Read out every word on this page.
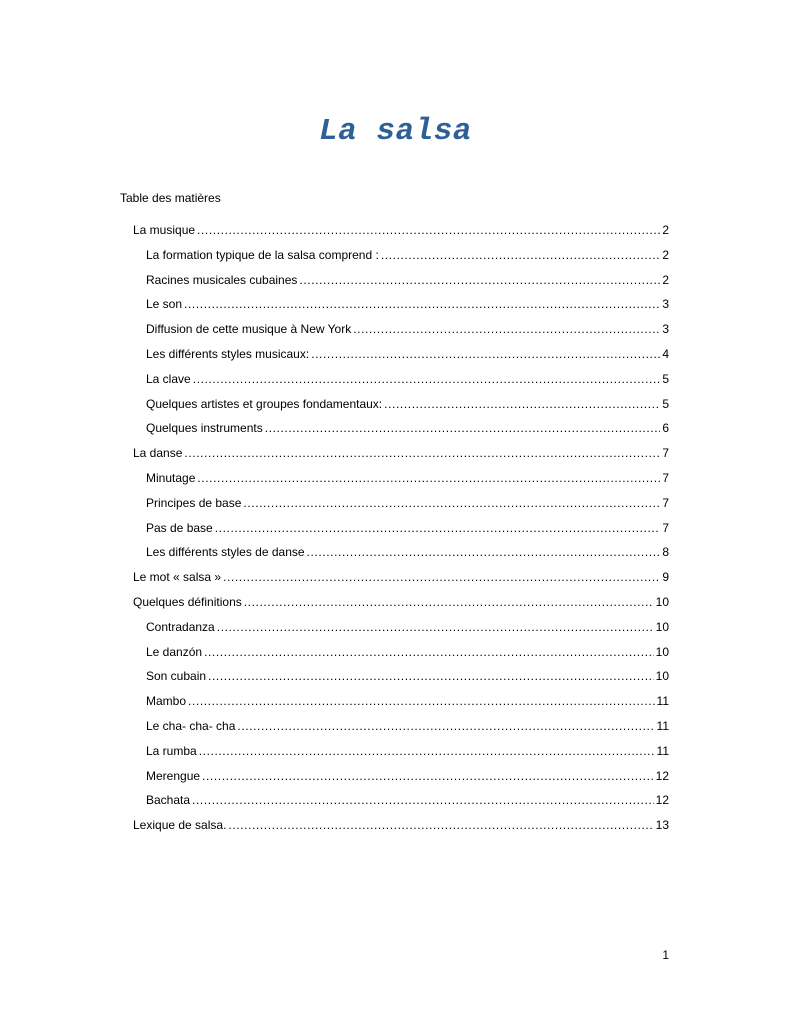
La salsa
Table des matières
La musique .....	2
La formation typique de la salsa comprend : .....	2
Racines musicales cubaines .....	2
Le son .....	3
Diffusion de cette musique à New York .....	3
Les différents styles musicaux: .....	4
La clave .....	5
Quelques artistes et groupes fondamentaux: .....	5
Quelques instruments .....	6
La danse .....	7
Minutage .....	7
Principes de base .....	7
Pas de base .....	7
Les différents styles de danse .....	8
Le mot « salsa » .....	9
Quelques définitions .....	10
Contradanza .....	10
Le danzón .....	10
Son cubain .....	10
Mambo .....	11
Le cha- cha- cha .....	11
La rumba .....	11
Merengue .....	12
Bachata .....	12
Lexique de salsa. .....	13
1
